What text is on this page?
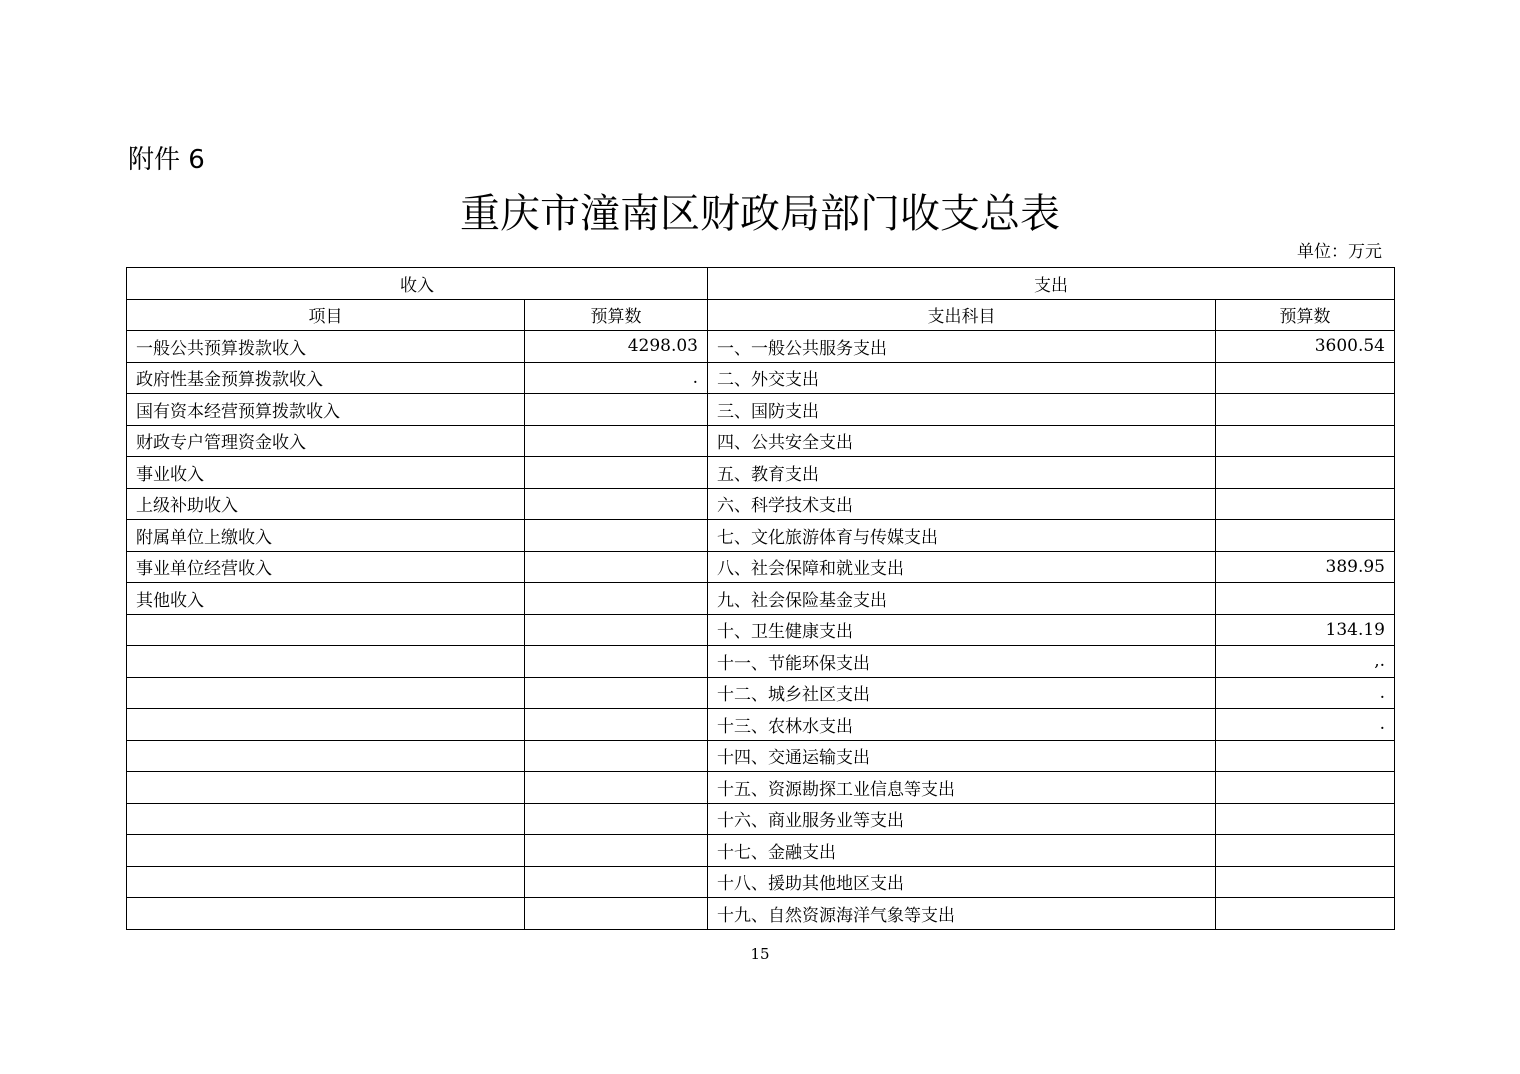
附件 6
重庆市潼南区财政局部门收支总表
单位：万元
收入		支出	
项目	预算数	支出科目	预算数
一般公共预算拨款收入	4298.03	一、一般公共服务支出	3600.54
政府性基金预算拨款收入	.	二、外交支出	
国有资本经营预算拨款收入		三、国防支出	
财政专户管理资金收入		四、公共安全支出	
事业收入		五、教育支出	
上级补助收入		六、科学技术支出	
附属单位上缴收入		七、文化旅游体育与传媒支出	
事业单位经营收入		八、社会保障和就业支出	389.95
其他收入		九、社会保险基金支出	
		十、卫生健康支出	134.19
		十一、节能环保支出	,.
		十二、城乡社区支出	.
		十三、农林水支出	.
		十四、交通运输支出	
		十五、资源勘探工业信息等支出	
		十六、商业服务业等支出	
		十七、金融支出	
		十八、援助其他地区支出	
		十九、自然资源海洋气象等支出	
15
